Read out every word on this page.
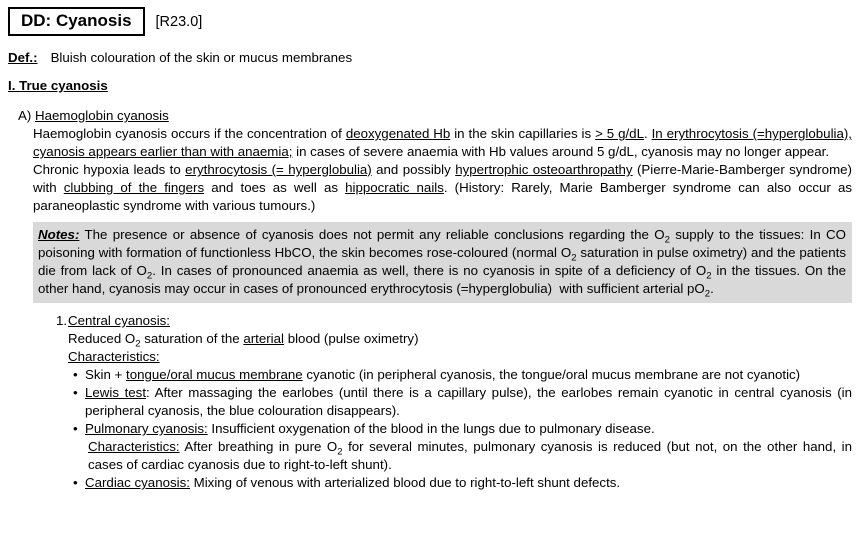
DD: Cyanosis	[R23.0]
Def.: Bluish colouration of the skin or mucus membranes
I. True cyanosis
A) Haemoglobin cyanosis
Haemoglobin cyanosis occurs if the concentration of deoxygenated Hb in the skin capillaries is > 5 g/dL. In erythrocytosis (=hyperglobulia), cyanosis appears earlier than with anaemia; in cases of severe anaemia with Hb values around 5 g/dL, cyanosis may no longer appear.
Chronic hypoxia leads to erythrocytosis (= hyperglobulia) and possibly hypertrophic osteoarthropathy (Pierre-Marie-Bamberger syndrome) with clubbing of the fingers and toes as well as hippocratic nails. (History: Rarely, Marie Bamberger syndrome can also occur as paraneoplastic syndrome with various tumours.)
Notes: The presence or absence of cyanosis does not permit any reliable conclusions regarding the $O_2$ supply to the tissues: In CO poisoning with formation of functionless HbCO, the skin becomes rose-coloured (normal $O_2$ saturation in pulse oximetry) and the patients die from lack of $O_2$. In cases of pronounced anaemia as well, there is no cyanosis in spite of a deficiency of $O_2$ in the tissues. On the other hand, cyanosis may occur in cases of pronounced erythrocytosis (=hyperglobulia)  with sufficient arterial $pO_2$.
1. Central cyanosis:
Reduced $O_2$ saturation of the arterial blood (pulse oximetry)
Characteristics:
• Skin + tongue/oral mucus membrane cyanotic (in peripheral cyanosis, the tongue/oral mucus membrane are not cyanotic)
• Lewis test: After massaging the earlobes (until there is a capillary pulse), the earlobes remain cyanotic in central cyanosis (in peripheral cyanosis, the blue colouration disappears).
• Pulmonary cyanosis: Insufficient oxygenation of the blood in the lungs due to pulmonary disease.
Characteristics: After breathing in pure $O_2$ for several minutes, pulmonary cyanosis is reduced (but not, on the other hand, in cases of cardiac cyanosis due to right-to-left shunt).
• Cardiac cyanosis: Mixing of venous with arterialized blood due to right-to-left shunt defects.
